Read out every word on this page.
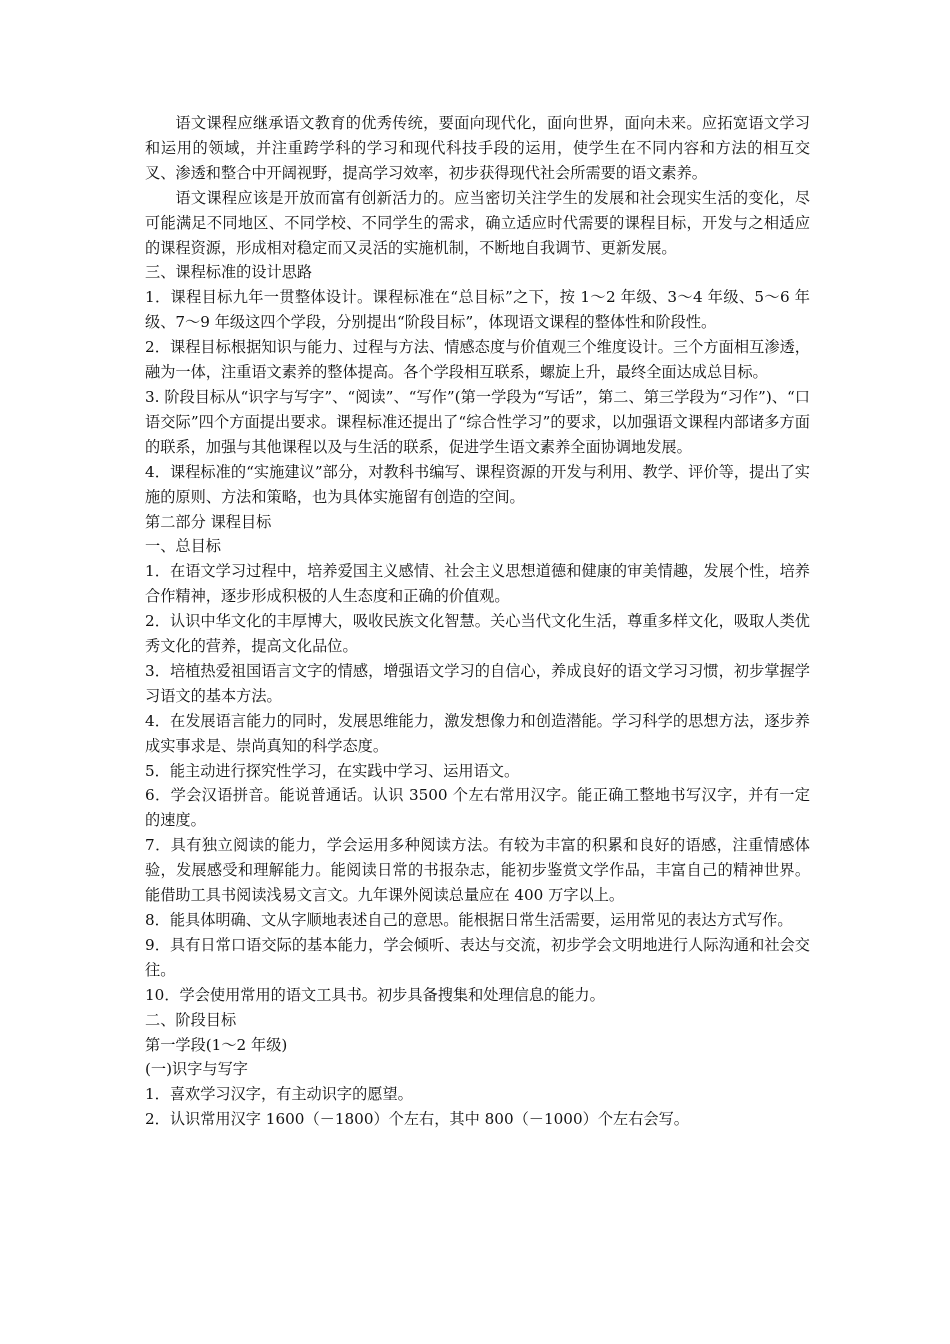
语文课程应继承语文教育的优秀传统，要面向现代化，面向世界，面向未来。应拓宽语文学习和运用的领域，并注重跨学科的学习和现代科技手段的运用，使学生在不同内容和方法的相互交叉、渗透和整合中开阔视野，提高学习效率，初步获得现代社会所需要的语文素养。

语文课程应该是开放而富有创新活力的。应当密切关注学生的发展和社会现实生活的变化，尽可能满足不同地区、不同学校、不同学生的需求，确立适应时代需要的课程目标，开发与之相适应的课程资源，形成相对稳定而又灵活的实施机制，不断地自我调节、更新发展。

三、课程标准的设计思路

1．课程目标九年一贯整体设计。课程标准在“总目标”之下，按 1～2 年级、3～4 年级、5～6 年级、7～9 年级这四个学段，分别提出“阶段目标”，体现语文课程的整体性和阶段性。

2．课程目标根据知识与能力、过程与方法、情感态度与价值观三个维度设计。三个方面相互渗透，融为一体，注重语文素养的整体提高。各个学段相互联系，螺旋上升，最终全面达成总目标。

3. 阶段目标从“识字与写字”、“阅读”、“写作”(第一学段为“写话”，第二、第三学段为“习作”)、“口语交际”四个方面提出要求。课程标准还提出了“综合性学习”的要求，以加强语文课程内部诸多方面的联系，加强与其他课程以及与生活的联系，促进学生语文素养全面协调地发展。

4．课程标准的“实施建议”部分，对教科书编写、课程资源的开发与利用、教学、评价等，提出了实施的原则、方法和策略，也为具体实施留有创造的空间。

第二部分 课程目标

一、总目标

1．在语文学习过程中，培养爱国主义感情、社会主义思想道德和健康的审美情趣，发展个性，培养合作精神，逐步形成积极的人生态度和正确的价值观。

2．认识中华文化的丰厚博大，吸收民族文化智慧。关心当代文化生活，尊重多样文化，吸取人类优秀文化的营养，提高文化品位。

3．培植热爱祖国语言文字的情感，增强语文学习的自信心，养成良好的语文学习习惯，初步掌握学习语文的基本方法。

4．在发展语言能力的同时，发展思维能力，激发想像力和创造潜能。学习科学的思想方法，逐步养成实事求是、崇尚真知的科学态度。

5．能主动进行探究性学习，在实践中学习、运用语文。

6．学会汉语拼音。能说普通话。认识 3500 个左右常用汉字。能正确工整地书写汉字，并有一定的速度。

7．具有独立阅读的能力，学会运用多种阅读方法。有较为丰富的积累和良好的语感，注重情感体验，发展感受和理解能力。能阅读日常的书报杂志，能初步鉴赏文学作品，丰富自己的精神世界。能借助工具书阅读浅易文言文。九年课外阅读总量应在 400 万字以上。

8．能具体明确、文从字顺地表述自己的意思。能根据日常生活需要，运用常见的表达方式写作。

9．具有日常口语交际的基本能力，学会倾听、表达与交流，初步学会文明地进行人际沟通和社会交往。

10．学会使用常用的语文工具书。初步具备搜集和处理信息的能力。

二、阶段目标

第一学段(1～2 年级)

(一)识字与写字

1．喜欢学习汉字，有主动识字的愿望。

2．认识常用汉字 1600（－1800）个左右，其中 800（－1000）个左右会写。
